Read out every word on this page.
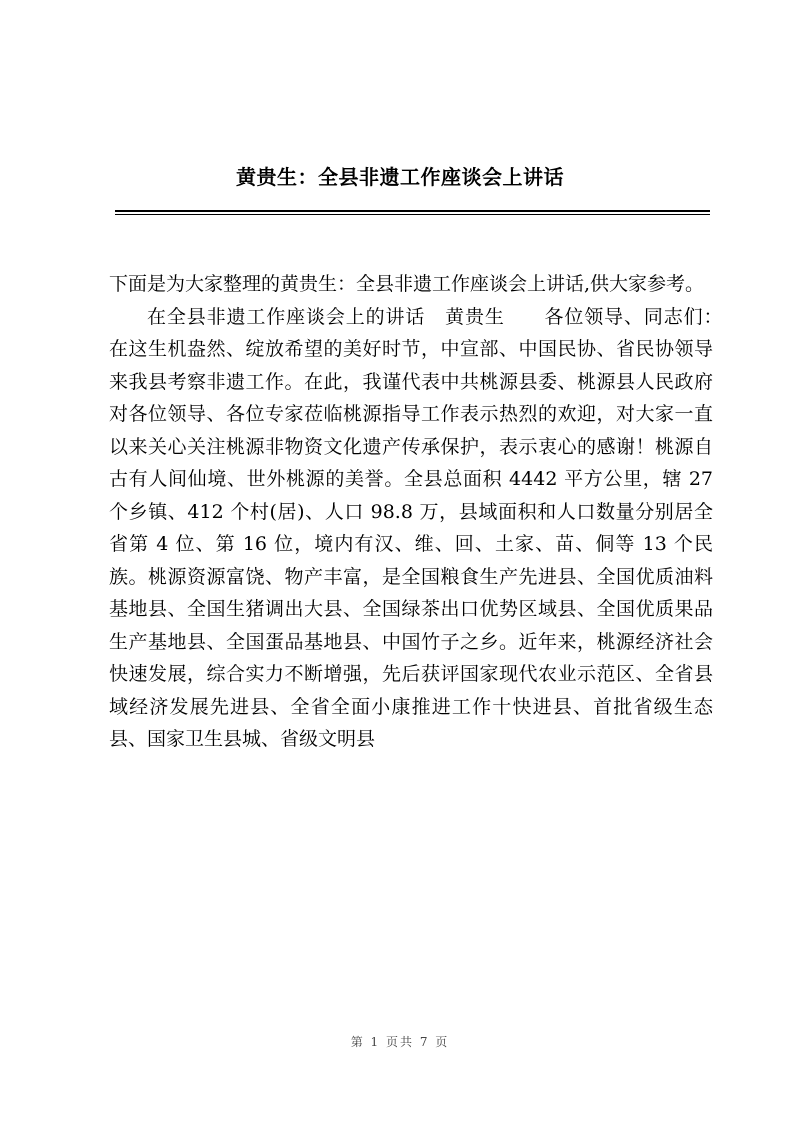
黄贵生：全县非遗工作座谈会上讲话

下面是为大家整理的黄贵生：全县非遗工作座谈会上讲话,供大家参考。

在全县非遗工作座谈会上的讲话　黄贵生　　各位领导、同志们：　在这生机盎然、绽放希望的美好时节，中宣部、中国民协、省民协领导来我县考察非遗工作。在此，我谨代表中共桃源县委、桃源县人民政府对各位领导、各位专家莅临桃源指导工作表示热烈的欢迎，对大家一直以来关心关注桃源非物资文化遗产传承保护，表示衷心的感谢！桃源自古有人间仙境、世外桃源的美誉。全县总面积 4442 平方公里，辖 27 个乡镇、412 个村(居)、人口 98.8 万，县域面积和人口数量分别居全省第 4 位、第 16 位，境内有汉、维、回、土家、苗、侗等 13 个民族。桃源资源富饶、物产丰富，是全国粮食生产先进县、全国优质油料基地县、全国生猪调出大县、全国绿茶出口优势区域县、全国优质果品生产基地县、全国蛋品基地县、中国竹子之乡。近年来，桃源经济社会快速发展，综合实力不断增强，先后获评国家现代农业示范区、全省县域经济发展先进县、全省全面小康推进工作十快进县、首批省级生态县、国家卫生县城、省级文明县

第 1 页共 7 页
